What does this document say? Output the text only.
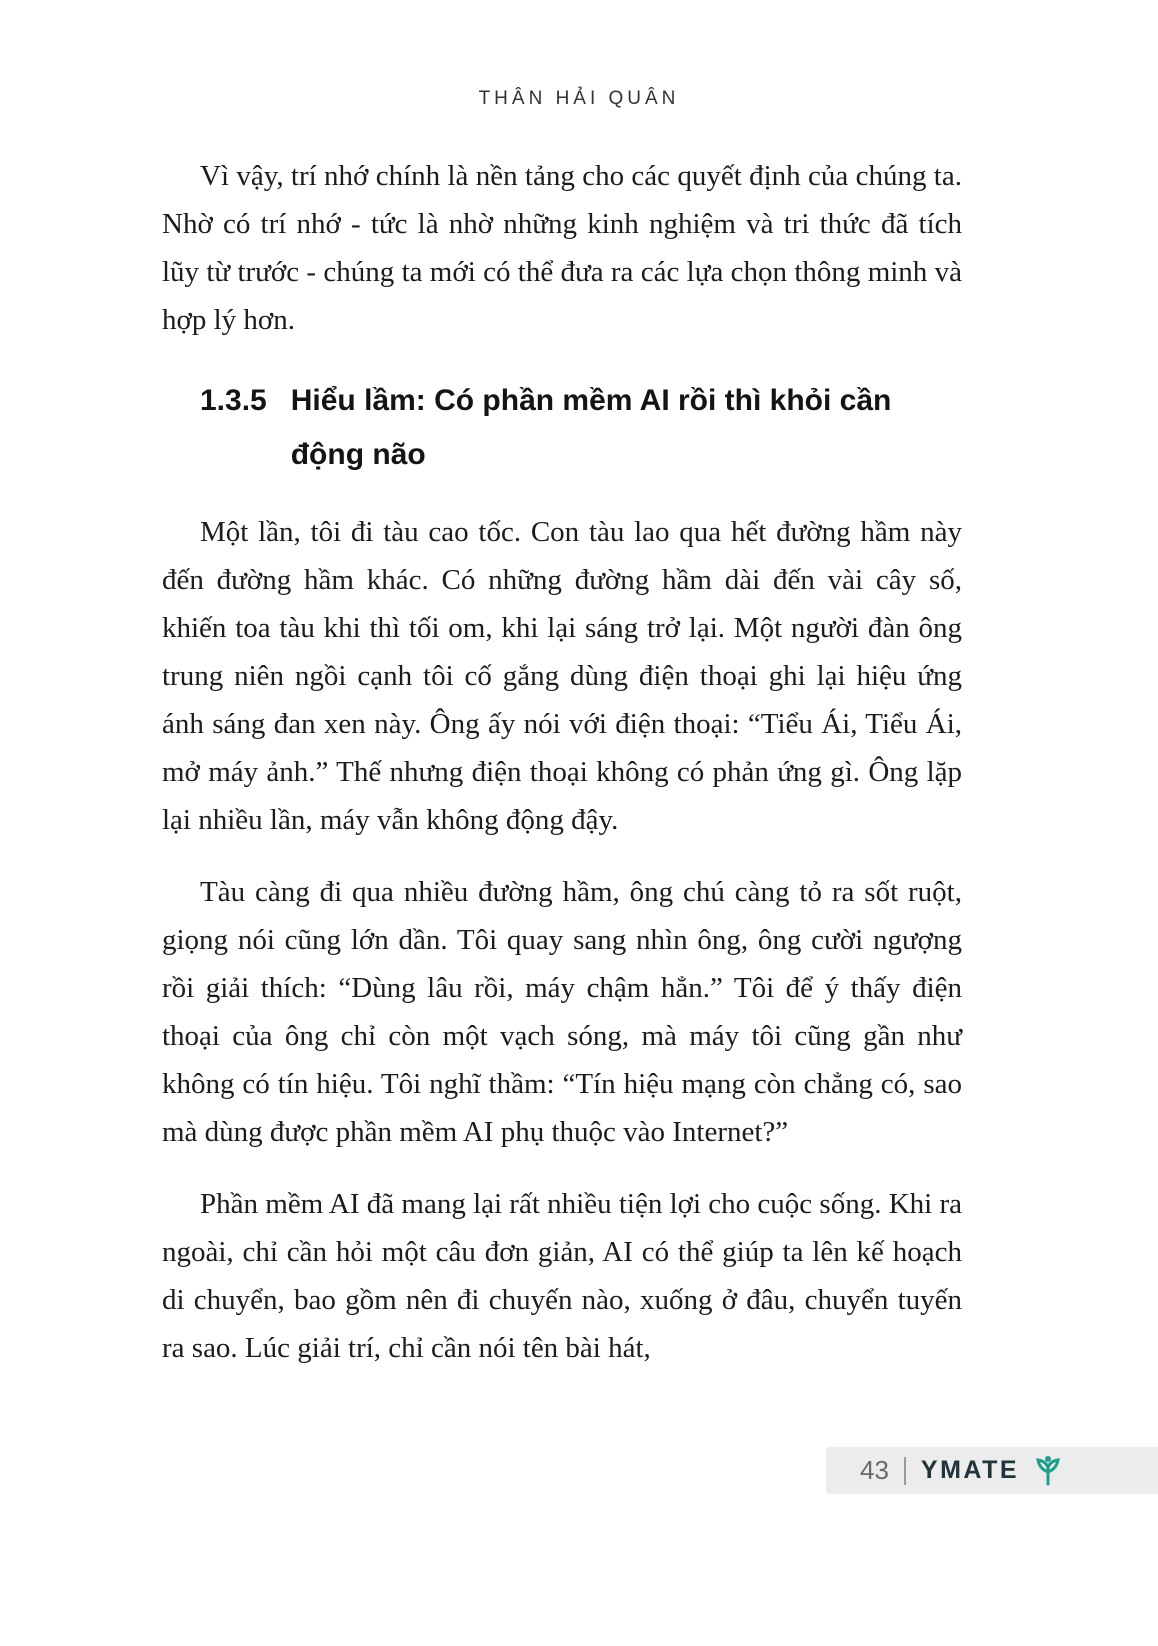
THÂN HẢI QUÂN

Vì vậy, trí nhớ chính là nền tảng cho các quyết định của chúng ta. Nhờ có trí nhớ - tức là nhờ những kinh nghiệm và tri thức đã tích lũy từ trước - chúng ta mới có thể đưa ra các lựa chọn thông minh và hợp lý hơn.

1.3.5 Hiểu lầm: Có phần mềm AI rồi thì khỏi cần động não

Một lần, tôi đi tàu cao tốc. Con tàu lao qua hết đường hầm này đến đường hầm khác. Có những đường hầm dài đến vài cây số, khiến toa tàu khi thì tối om, khi lại sáng trở lại. Một người đàn ông trung niên ngồi cạnh tôi cố gắng dùng điện thoại ghi lại hiệu ứng ánh sáng đan xen này. Ông ấy nói với điện thoại: “Tiểu Ái, Tiểu Ái, mở máy ảnh.” Thế nhưng điện thoại không có phản ứng gì. Ông lặp lại nhiều lần, máy vẫn không động đậy.

Tàu càng đi qua nhiều đường hầm, ông chú càng tỏ ra sốt ruột, giọng nói cũng lớn dần. Tôi quay sang nhìn ông, ông cười ngượng rồi giải thích: “Dùng lâu rồi, máy chậm hẳn.” Tôi để ý thấy điện thoại của ông chỉ còn một vạch sóng, mà máy tôi cũng gần như không có tín hiệu. Tôi nghĩ thầm: “Tín hiệu mạng còn chẳng có, sao mà dùng được phần mềm AI phụ thuộc vào Internet?”

Phần mềm AI đã mang lại rất nhiều tiện lợi cho cuộc sống. Khi ra ngoài, chỉ cần hỏi một câu đơn giản, AI có thể giúp ta lên kế hoạch di chuyển, bao gồm nên đi chuyến nào, xuống ở đâu, chuyển tuyến ra sao. Lúc giải trí, chỉ cần nói tên bài hát,

43 YMATE
